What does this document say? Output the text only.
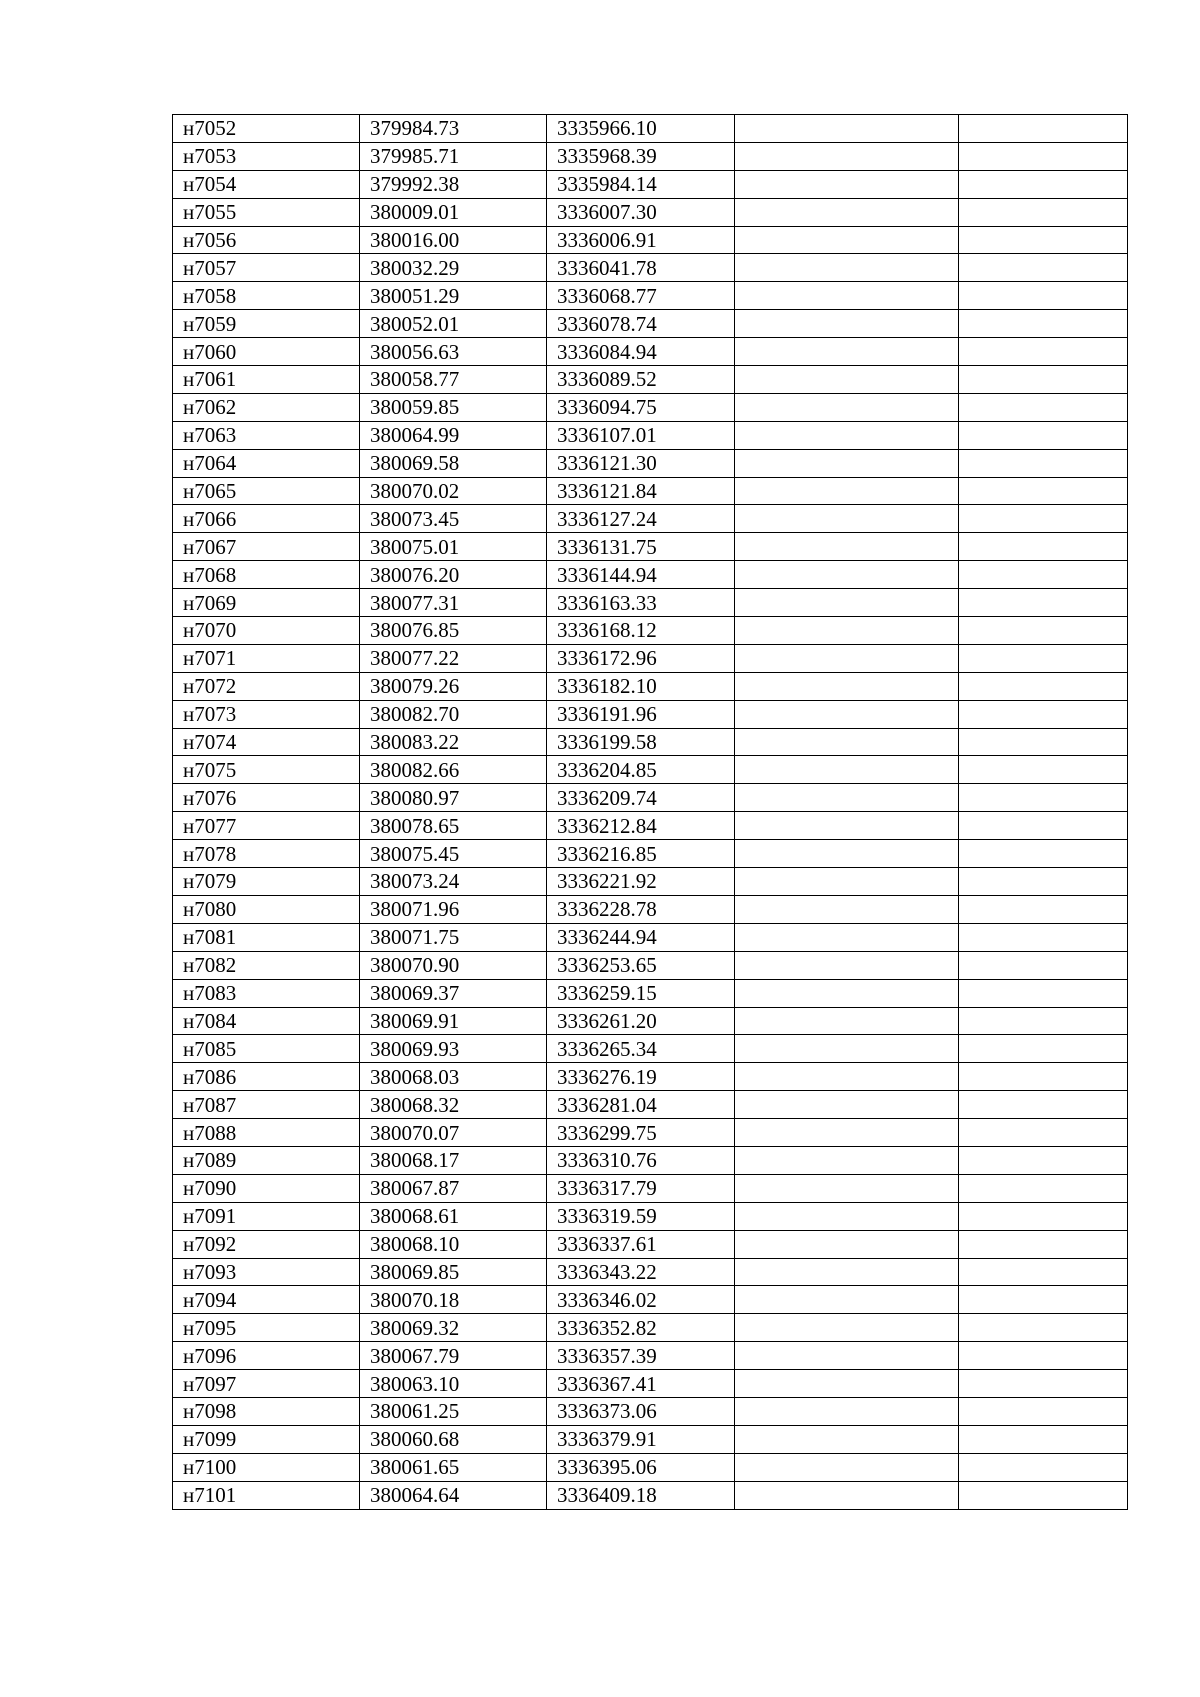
н7052	379984.73	3335966.10		
н7053	379985.71	3335968.39		
н7054	379992.38	3335984.14		
н7055	380009.01	3336007.30		
н7056	380016.00	3336006.91		
н7057	380032.29	3336041.78		
н7058	380051.29	3336068.77		
н7059	380052.01	3336078.74		
н7060	380056.63	3336084.94		
н7061	380058.77	3336089.52		
н7062	380059.85	3336094.75		
н7063	380064.99	3336107.01		
н7064	380069.58	3336121.30		
н7065	380070.02	3336121.84		
н7066	380073.45	3336127.24		
н7067	380075.01	3336131.75		
н7068	380076.20	3336144.94		
н7069	380077.31	3336163.33		
н7070	380076.85	3336168.12		
н7071	380077.22	3336172.96		
н7072	380079.26	3336182.10		
н7073	380082.70	3336191.96		
н7074	380083.22	3336199.58		
н7075	380082.66	3336204.85		
н7076	380080.97	3336209.74		
н7077	380078.65	3336212.84		
н7078	380075.45	3336216.85		
н7079	380073.24	3336221.92		
н7080	380071.96	3336228.78		
н7081	380071.75	3336244.94		
н7082	380070.90	3336253.65		
н7083	380069.37	3336259.15		
н7084	380069.91	3336261.20		
н7085	380069.93	3336265.34		
н7086	380068.03	3336276.19		
н7087	380068.32	3336281.04		
н7088	380070.07	3336299.75		
н7089	380068.17	3336310.76		
н7090	380067.87	3336317.79		
н7091	380068.61	3336319.59		
н7092	380068.10	3336337.61		
н7093	380069.85	3336343.22		
н7094	380070.18	3336346.02		
н7095	380069.32	3336352.82		
н7096	380067.79	3336357.39		
н7097	380063.10	3336367.41		
н7098	380061.25	3336373.06		
н7099	380060.68	3336379.91		
н7100	380061.65	3336395.06		
н7101	380064.64	3336409.18		
